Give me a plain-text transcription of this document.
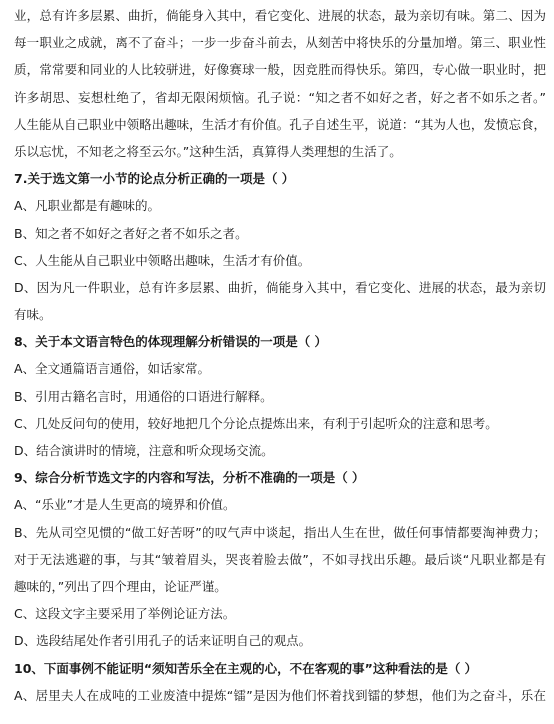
业，总有许多层累、曲折，倘能身入其中，看它变化、进展的状态，最为亲切有味。第二、因为
每一职业之成就，离不了奋斗；一步一步奋斗前去，从刻苦中将快乐的分量加增。第三、职业性
质，常常要和同业的人比较骈进，好像赛球一般，因竞胜而得快乐。第四，专心做一职业时，把
许多胡思、妄想杜绝了，省却无限闲烦恼。孔子说：“知之者不如好之者，好之者不如乐之者。”
人生能从自己职业中领略出趣味，生活才有价值。孔子自述生平，说道：“其为人也，发愤忘食，
乐以忘忧，不知老之将至云尔。”这种生活，真算得人类理想的生活了。
7.关于选文第一小节的论点分析正确的一项是（ ）
A、凡职业都是有趣味的。
B、知之者不如好之者好之者不如乐之者。
C、人生能从自己职业中领略出趣味，生活才有价值。
D、因为凡一件职业，总有许多层累、曲折，倘能身入其中，看它变化、进展的状态，最为亲切
有味。
8、关于本文语言特色的体现理解分析错误的一项是（ ）
A、全文通篇语言通俗，如话家常。
B、引用古籍名言时，用通俗的口语进行解释。
C、几处反问句的使用，较好地把几个分论点提炼出来，有利于引起听众的注意和思考。
D、结合演讲时的情境，注意和听众现场交流。
9、综合分析节选文字的内容和写法，分析不准确的一项是（ ）
A、“乐业”才是人生更高的境界和价值。
B、先从司空见惯的“做工好苦呀”的叹气声中谈起，指出人生在世，做任何事情都要淘神费力；
对于无法逃避的事，与其“皱着眉头，哭丧着脸去做”，不如寻找出乐趣。最后谈“凡职业都是有
趣味的，”列出了四个理由，论证严谨。
C、这段文字主要采用了举例论证方法。
D、选段结尾处作者引用孔子的话来证明自己的观点。
10、下面事例不能证明“须知苦乐全在主观的心，不在客观的事”这种看法的是（ ）
A、居里夫人在成吨的工业废渣中提炼“镭”是因为他们怀着找到镭的梦想，他们为之奋斗，乐在
